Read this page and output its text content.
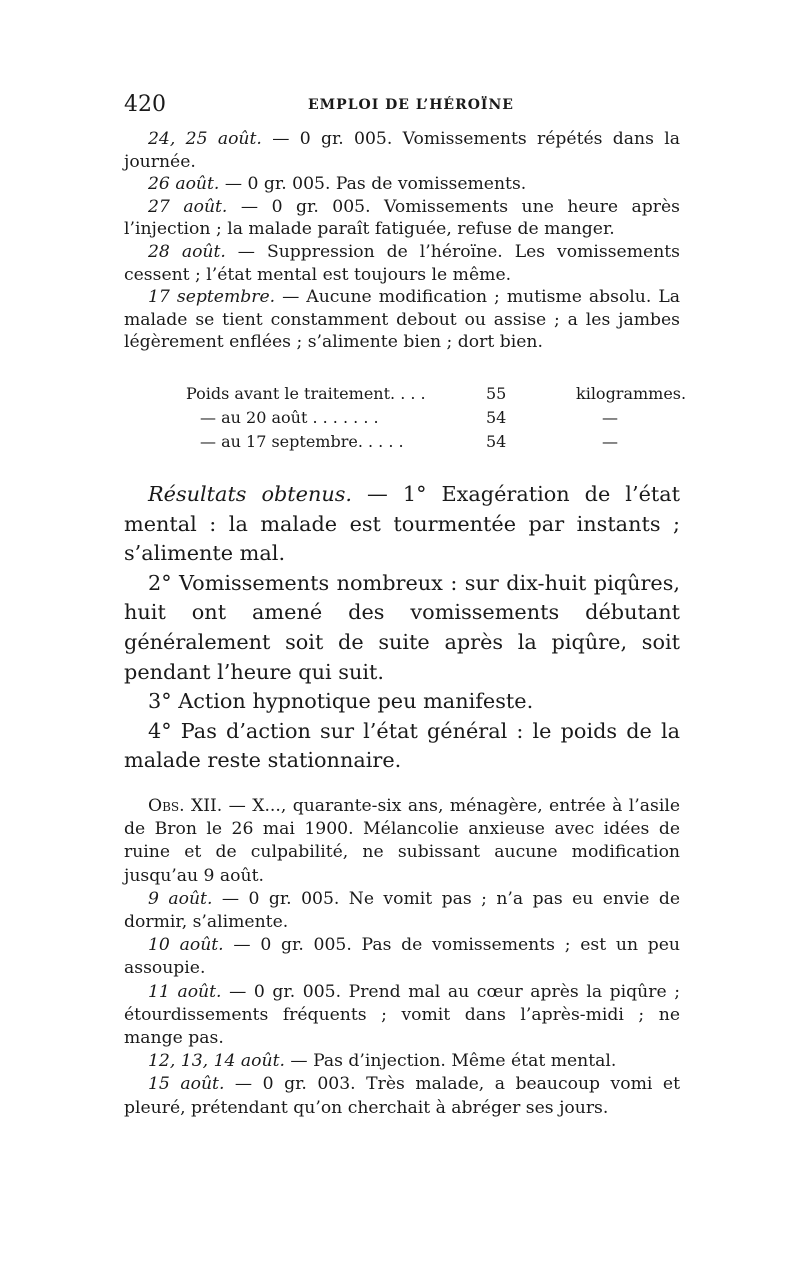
420	EMPLOI DE L’HÉROÏNE

24, 25 août. — 0 gr. 005. Vomissements répétés dans la journée.

26 août. — 0 gr. 005. Pas de vomissements.

27 août. — 0 gr. 005. Vomissements une heure après l’injection ; la malade paraît fatiguée, refuse de manger.

28 août. — Suppression de l’héroïne. Les vomissements cessent ; l’état mental est toujours le même.

17 septembre. — Aucune modification ; mutisme absolu. La malade se tient constamment debout ou assise ; a les jambes légèrement enflées ; s’alimente bien ; dort bien.

Poids avant le traitement. . . .	55	kilogrammes.
— au 20 août . . . . . . .	54	—
— au 17 septembre. . . . .	54	—

Résultats obtenus. — 1° Exagération de l’état mental : la malade est tourmentée par instants ; s’alimente mal.

2° Vomissements nombreux : sur dix-huit piqûres, huit ont amené des vomissements débutant généralement soit de suite après la piqûre, soit pendant l’heure qui suit.

3° Action hypnotique peu manifeste.

4° Pas d’action sur l’état général : le poids de la malade reste stationnaire.

Obs. XII. — X..., quarante-six ans, ménagère, entrée à l’asile de Bron le 26 mai 1900. Mélancolie anxieuse avec idées de ruine et de culpabilité, ne subissant aucune modification jusqu’au 9 août.

9 août. — 0 gr. 005. Ne vomit pas ; n’a pas eu envie de dormir, s’alimente.

10 août. — 0 gr. 005. Pas de vomissements ; est un peu assoupie.

11 août. — 0 gr. 005. Prend mal au cœur après la piqûre ; étourdissements fréquents ; vomit dans l’après-midi ; ne mange pas.

12, 13, 14 août. — Pas d’injection. Même état mental.

15 août. — 0 gr. 003. Très malade, a beaucoup vomi et pleuré, prétendant qu’on cherchait à abréger ses jours.
